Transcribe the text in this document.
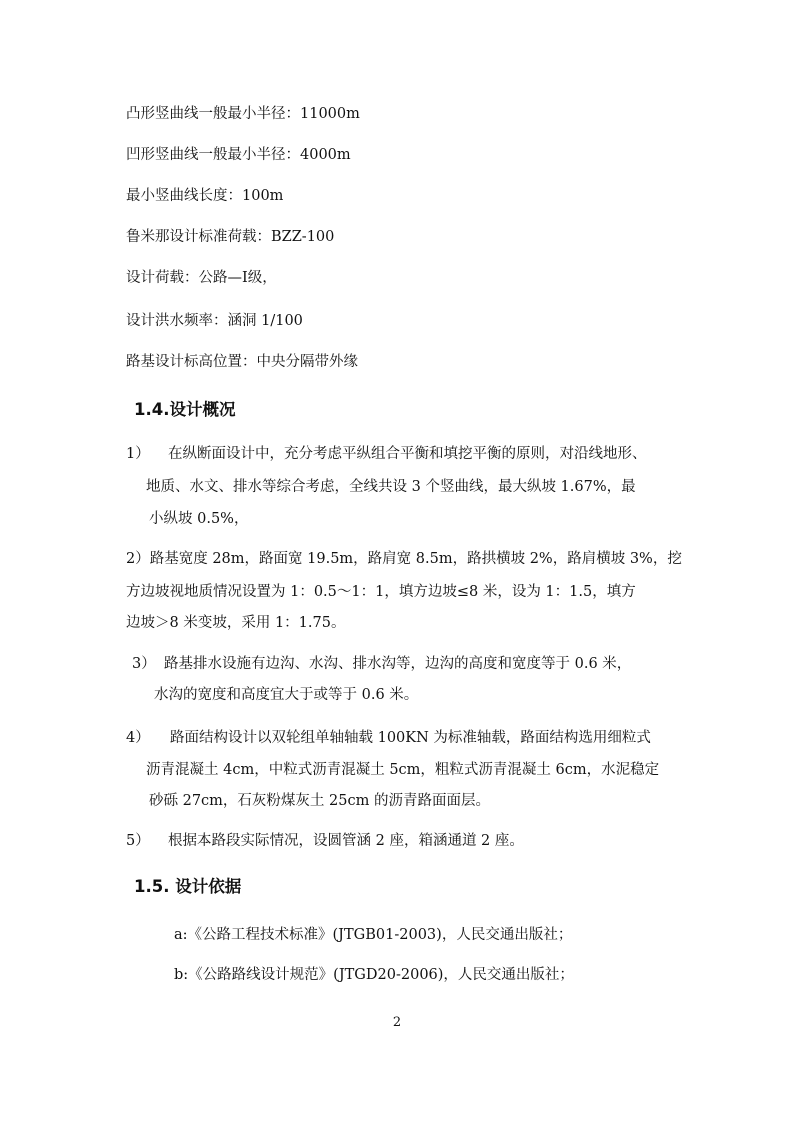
凸形竖曲线一般最小半径：11000m
凹形竖曲线一般最小半径：4000m
最小竖曲线长度：100m
鲁米那设计标准荷载：BZZ-100
设计荷载：公路—Ⅰ级，
设计洪水频率：涵洞 1/100
路基设计标高位置：中央分隔带外缘
1.4.设计概况
1） 在纵断面设计中，充分考虑平纵组合平衡和填挖平衡的原则，对沿线地形、
地质、水文、排水等综合考虑，全线共设 3 个竖曲线，最大纵坡 1.67%，最
小纵坡 0.5%，
2）路基宽度 28m，路面宽 19.5m，路肩宽 8.5m，路拱横坡 2%，路肩横坡 3%，挖
方边坡视地质情况设置为 1：0.5～1：1，填方边坡≤8 米，设为 1：1.5，填方
边坡＞8 米变坡，采用 1：1.75。
3） 路基排水设施有边沟、水沟、排水沟等，边沟的高度和宽度等于 0.6 米，
水沟的宽度和高度宜大于或等于 0.6 米。
4） 路面结构设计以双轮组单轴轴载 100KN 为标准轴载，路面结构选用细粒式
沥青混凝土 4cm，中粒式沥青混凝土 5cm，粗粒式沥青混凝土 6cm，水泥稳定
砂砾 27cm，石灰粉煤灰土 25cm 的沥青路面面层。
5） 根据本路段实际情况，设圆管涵 2 座，箱涵通道 2 座。
1.5. 设计依据
a:《公路工程技术标准》(JTGB01-2003)，人民交通出版社；
b:《公路路线设计规范》(JTGD20-2006)，人民交通出版社；
2
